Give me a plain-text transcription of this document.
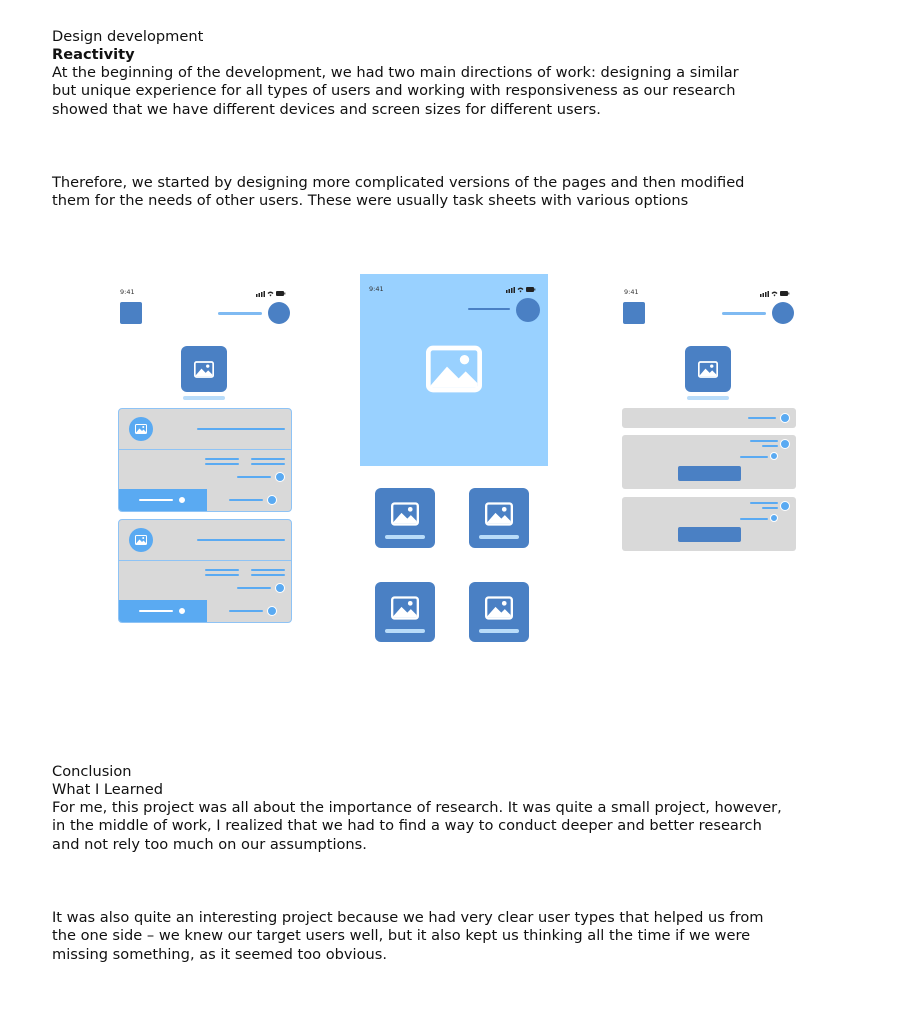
Design development
Reactivity
At the beginning of the development, we had two main directions of work: designing a similar
but unique experience for all types of users and working with responsiveness as our research
showed that we have different devices and screen sizes for different users.
Therefore, we started by designing more complicated versions of the pages and then modified
them for the needs of other users. These were usually task sheets with various options
9:41	9:41	9:41
Conclusion
What I Learned
For me, this project was all about the importance of research. It was quite a small project, however,
in the middle of work, I realized that we had to find a way to conduct deeper and better research
and not rely too much on our assumptions.
It was also quite an interesting project because we had very clear user types that helped us from
the one side – we knew our target users well, but it also kept us thinking all the time if we were
missing something, as it seemed too obvious.
